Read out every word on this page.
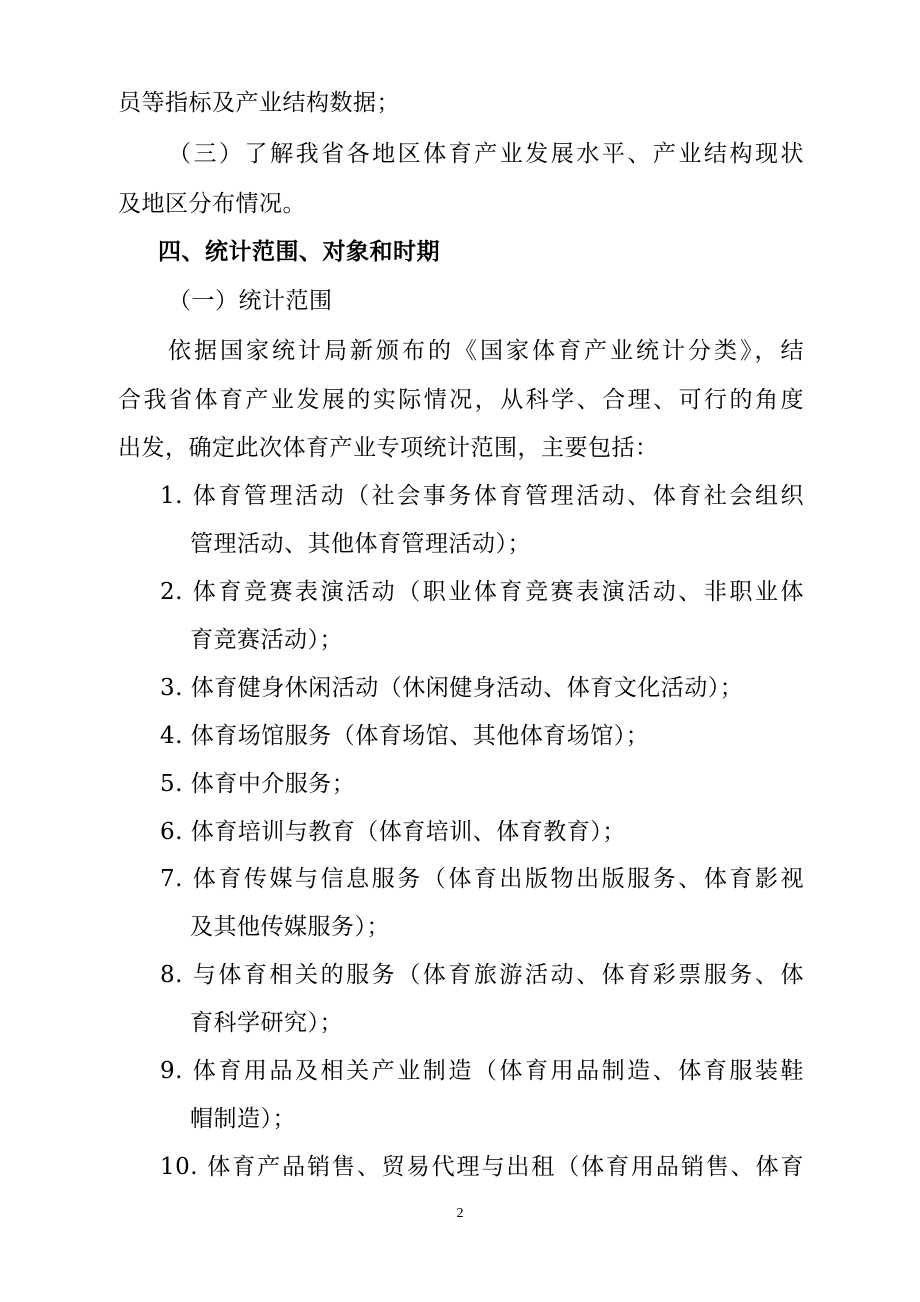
员等指标及产业结构数据；
（三）了解我省各地区体育产业发展水平、产业结构现状
及地区分布情况。
四、统计范围、对象和时期
（一）统计范围
依据国家统计局新颁布的《国家体育产业统计分类》，结
合我省体育产业发展的实际情况，从科学、合理、可行的角度
出发，确定此次体育产业专项统计范围，主要包括：
1. 体育管理活动（社会事务体育管理活动、体育社会组织
管理活动、其他体育管理活动）；
2. 体育竞赛表演活动（职业体育竞赛表演活动、非职业体
育竞赛活动）；
3. 体育健身休闲活动（休闲健身活动、体育文化活动）；
4. 体育场馆服务（体育场馆、其他体育场馆）；
5. 体育中介服务；
6. 体育培训与教育（体育培训、体育教育）；
7. 体育传媒与信息服务（体育出版物出版服务、体育影视
及其他传媒服务）；
8. 与体育相关的服务（体育旅游活动、体育彩票服务、体
育科学研究）；
9. 体育用品及相关产业制造（体育用品制造、体育服装鞋
帽制造）；
10. 体育产品销售、贸易代理与出租（体育用品销售、体育
2
